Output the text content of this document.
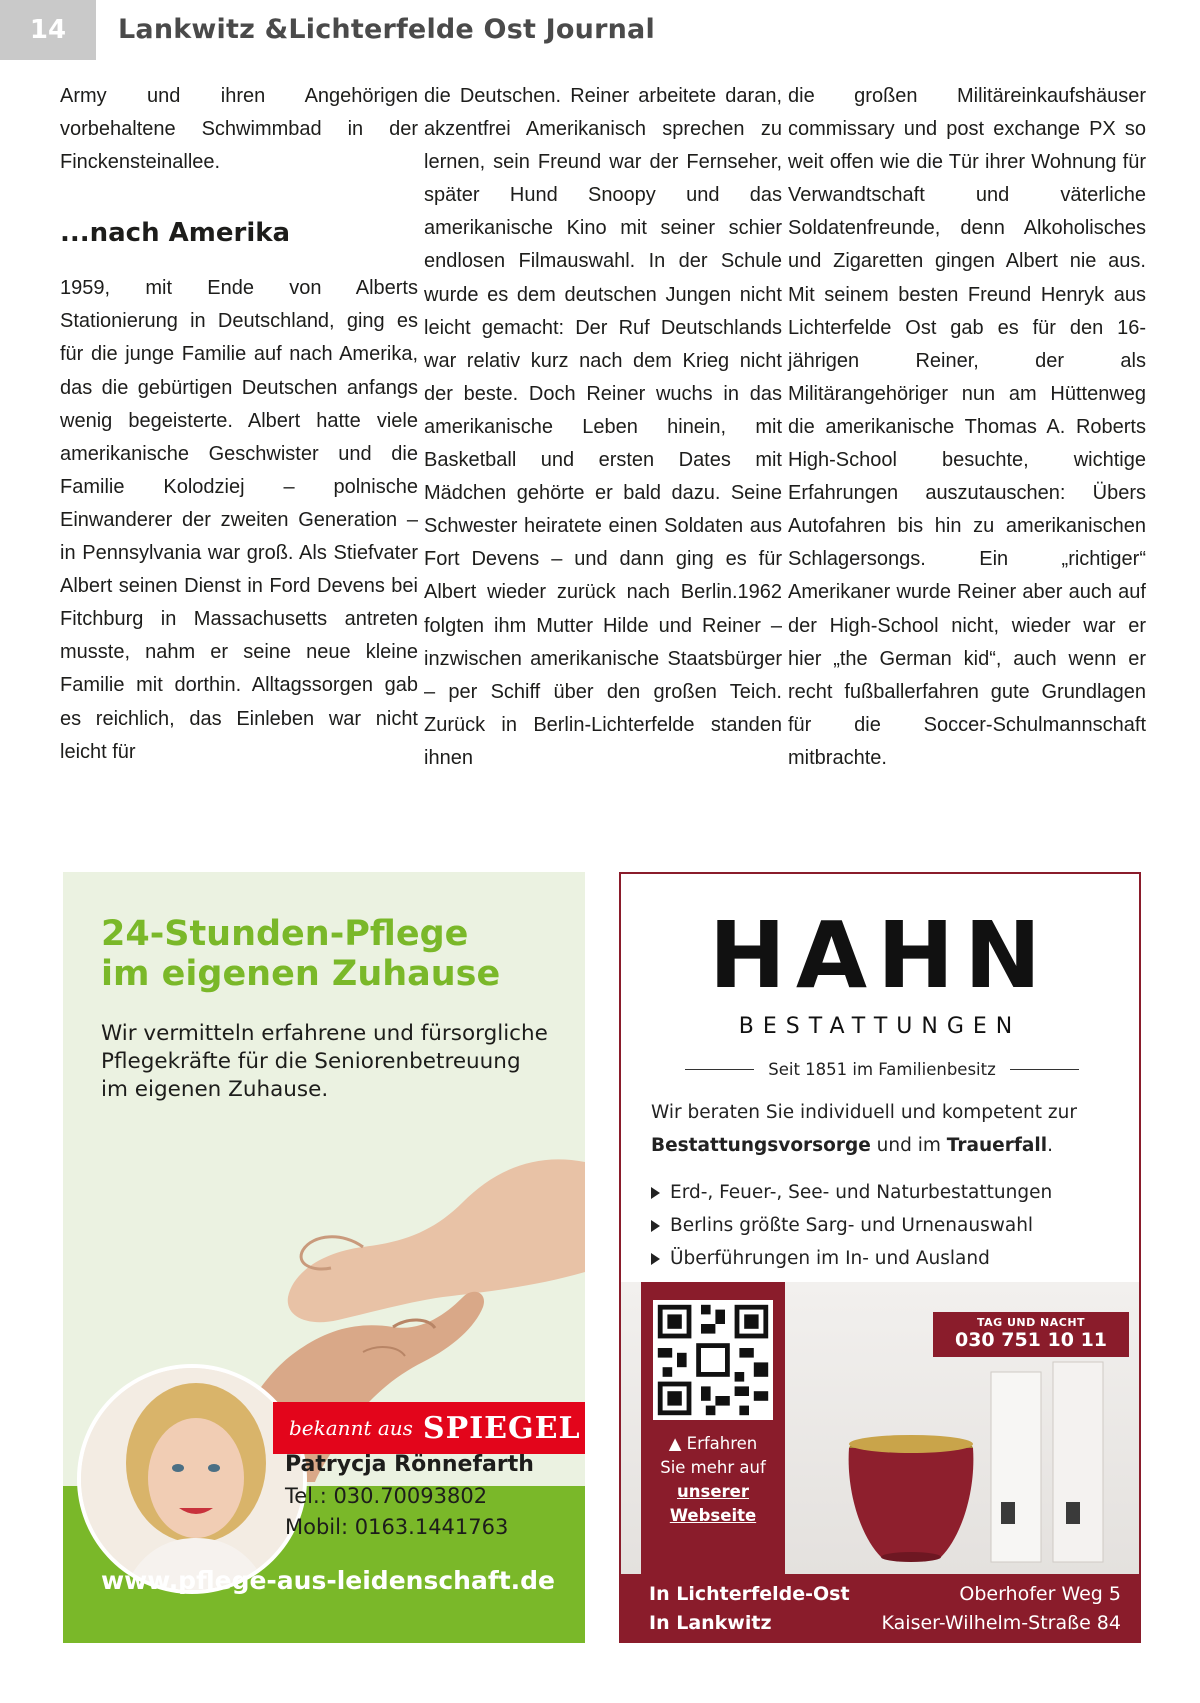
14 Lankwitz &Lichterfelde Ost Journal

Army und ihren Angehörigen vorbehaltene Schwimmbad in der Finckensteinallee.

...nach Amerika

1959, mit Ende von Alberts Stationierung in Deutschland, ging es für die junge Familie auf nach Amerika, das die gebürtigen Deutschen anfangs wenig begeisterte. Albert hatte viele amerikanische Geschwister und die Familie Kolodziej – polnische Einwanderer der zweiten Generation – in Pennsylvania war groß. Als Stiefvater Albert seinen Dienst in Ford Devens bei Fitchburg in Massachusetts antreten musste, nahm er seine neue kleine Familie mit dorthin. Alltagssorgen gab es reichlich, das Einleben war nicht leicht für

die Deutschen. Reiner arbeitete daran, akzentfrei Amerikanisch sprechen zu lernen, sein Freund war der Fernseher, später Hund Snoopy und das amerikanische Kino mit seiner schier endlosen Filmauswahl. In der Schule wurde es dem deutschen Jungen nicht leicht gemacht: Der Ruf Deutschlands war relativ kurz nach dem Krieg nicht der beste. Doch Reiner wuchs in das amerikanische Leben hinein, mit Basketball und ersten Dates mit Mädchen gehörte er bald dazu. Seine Schwester heiratete einen Soldaten aus Fort Devens – und dann ging es für Albert wieder zurück nach Berlin.1962 folgten ihm Mutter Hilde und Reiner – inzwischen amerikanische Staatsbürger – per Schiff über den großen Teich. Zurück in Berlin-Lichterfelde standen ihnen

die großen Militäreinkaufshäuser commissary und post exchange PX so weit offen wie die Tür ihrer Wohnung für Verwandtschaft und väterliche Soldatenfreunde, denn Alkoholisches und Zigaretten gingen Albert nie aus. Mit seinem besten Freund Henryk aus Lichterfelde Ost gab es für den 16-jährigen Reiner, der als Militärangehöriger nun am Hüttenweg die amerikanische Thomas A. Roberts High-School besuchte, wichtige Erfahrungen auszutauschen: Übers Autofahren bis hin zu amerikanischen Schlagersongs. Ein „richtiger“ Amerikaner wurde Reiner aber auch auf der High-School nicht, wieder war er hier „the German kid“, auch wenn er recht fußballerfahren gute Grundlagen für die Soccer-Schulmannschaft mitbrachte.

24-Stunden-Pflege
im eigenen Zuhause
Wir vermitteln erfahrene und fürsorgliche
Pflegekräfte für die Seniorenbetreuung
im eigenen Zuhause.
bekannt aus SPIEGEL
Patrycja Rönnefarth
Tel.: 030.70093802
Mobil: 0163.1441763
www.pflege-aus-leidenschaft.de
HAHN
BESTATTUNGEN
Seit 1851 im Familienbesitz
Wir beraten Sie individuell und kompetent zur
Bestattungsvorsorge und im Trauerfall.
Erd-, Feuer-, See- und Naturbestattungen
Berlins größte Sarg- und Urnenauswahl
Überführungen im In- und Ausland
▲ Erfahren
Sie mehr auf
unserer
Webseite
TAG UND NACHT
030 751 10 11
In Lichterfelde-Ost	Oberhofer Weg 5
In Lankwitz	Kaiser-Wilhelm-Straße 84
